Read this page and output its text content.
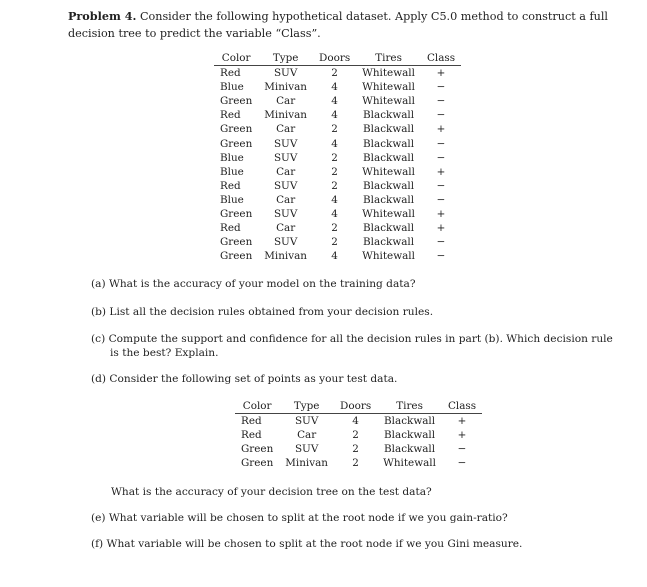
Problem 4. Consider the following hypothetical dataset. Apply C5.0 method to construct a full decision tree to predict the variable “Class”.
Color	Type	Doors	Tires	Class
Red	SUV	2	Whitewall	+
Blue	Minivan	4	Whitewall	−
Green	Car	4	Whitewall	−
Red	Minivan	4	Blackwall	−
Green	Car	2	Blackwall	+
Green	SUV	4	Blackwall	−
Blue	SUV	2	Blackwall	−
Blue	Car	2	Whitewall	+
Red	SUV	2	Blackwall	−
Blue	Car	4	Blackwall	−
Green	SUV	4	Whitewall	+
Red	Car	2	Blackwall	+
Green	SUV	2	Blackwall	−
Green	Minivan	4	Whitewall	−
(a) What is the accuracy of your model on the training data?
(b) List all the decision rules obtained from your decision rules.
(c) Compute the support and confidence for all the decision rules in part (b). Which decision rule
is the best? Explain.
(d) Consider the following set of points as your test data.
Color	Type	Doors	Tires	Class
Red	SUV	4	Blackwall	+
Red	Car	2	Blackwall	+
Green	SUV	2	Blackwall	−
Green	Minivan	2	Whitewall	−
What is the accuracy of your decision tree on the test data?
(e) What variable will be chosen to split at the root node if we you gain-ratio?
(f) What variable will be chosen to split at the root node if we you Gini measure.
